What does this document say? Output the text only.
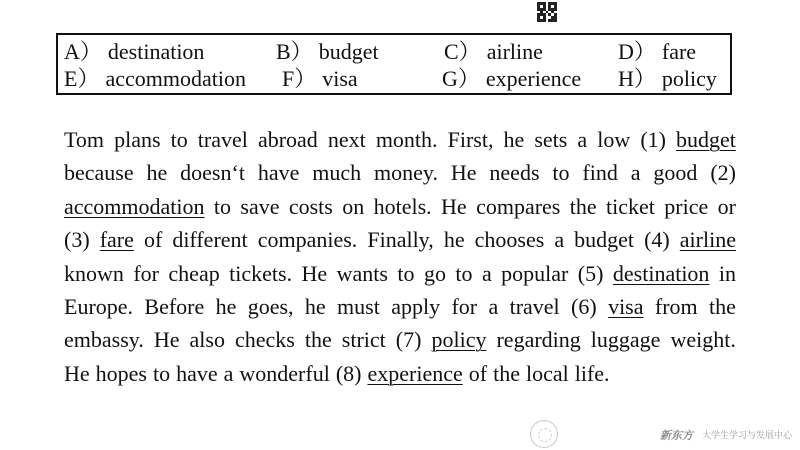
A） destination	B） budget	C） airline	D） fare
E） accommodation F） visa	G） experience H） policy
Tom plans to travel abroad next month. First, he sets a low (1) budget
because he doesn‘t have much money. He needs to find a good (2)
accommodation to save costs on hotels. He compares the ticket price or
(3) fare of different companies. Finally, he chooses a budget (4) airline
known for cheap tickets. He wants to go to a popular (5) destination in
Europe. Before he goes, he must apply for a travel (6) visa from the
embassy. He also checks the strict (7) policy regarding luggage weight.
He hopes to have a wonderful (8) experience of the local life.
新东方 大学生学习与发展中心
